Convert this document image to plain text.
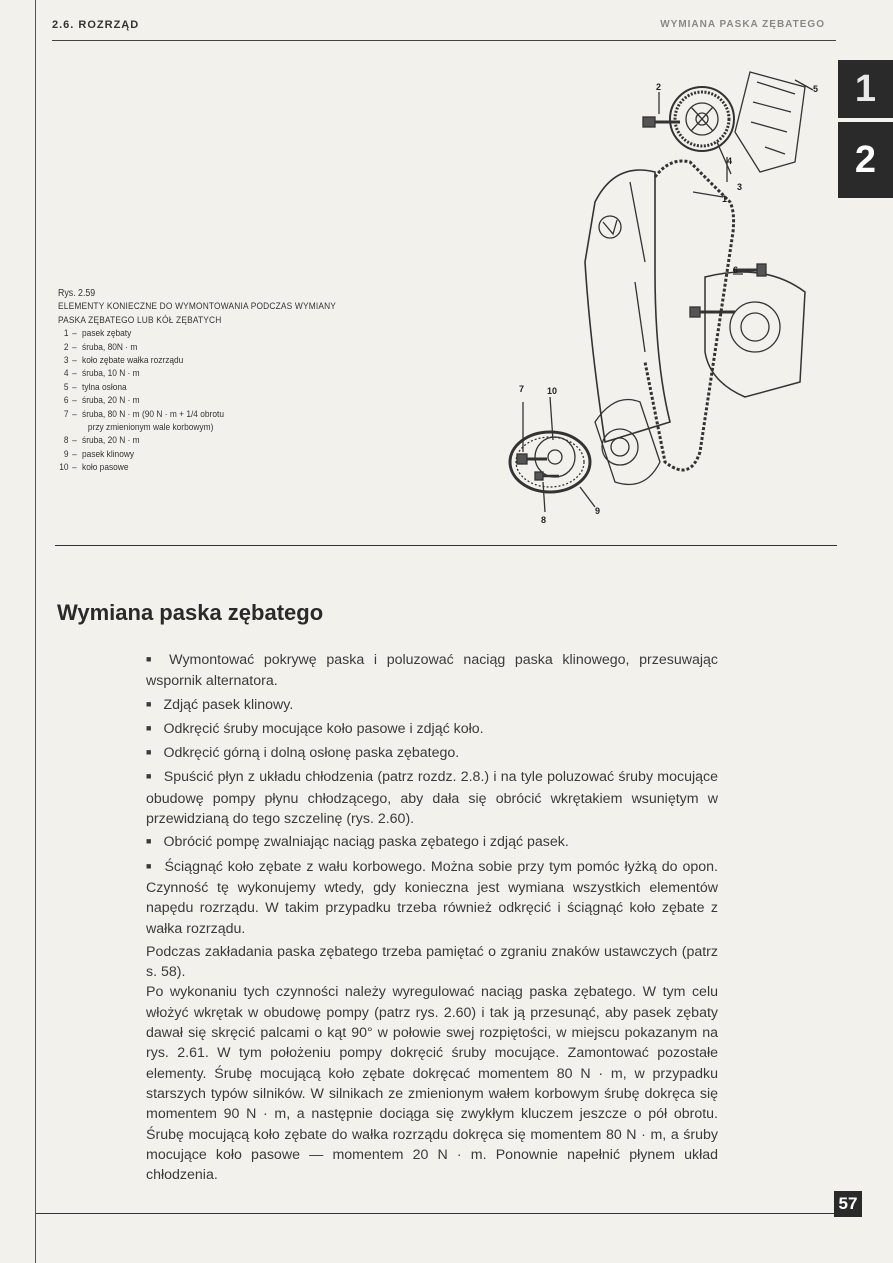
2.6. ROZRZĄD	WYMIANA PASKA ZĘBATEGO
1
2
Rys. 2.59
ELEMENTY KONIECZNE DO WYMONTOWANIA PODCZAS WYMIANY
PASKA ZĘBATEGO LUB KÓŁ ZĘBATYCH
1 – pasek zębaty
2 – śruba, 80N · m
3 – koło zębate wałka rozrządu
4 – śruba, 10 N · m
5 – tylna osłona
6 – śruba, 20 N · m
7 – śruba, 80 N · m (90 N · m + 1/4 obrotu
przy zmienionym wale korbowym)
8 – śruba, 20 N · m
9 – pasek klinowy
10 – koło pasowe
1
2
3
4
5
6
7
8
9
10
Wymiana paska zębatego

■ Wymontować pokrywę paska i poluzować naciąg paska klinowego, przesuwając wspornik alternatora.

■ Zdjąć pasek klinowy.

■ Odkręcić śruby mocujące koło pasowe i zdjąć koło.

■ Odkręcić górną i dolną osłonę paska zębatego.

■ Spuścić płyn z układu chłodzenia (patrz rozdz. 2.8.) i na tyle poluzować śruby mocujące obudowę pompy płynu chłodzącego, aby dała się obrócić wkrętakiem wsuniętym w przewidzianą do tego szczelinę (rys. 2.60).

■ Obrócić pompę zwalniając naciąg paska zębatego i zdjąć pasek.

■ Ściągnąć koło zębate z wału korbowego. Można sobie przy tym pomóc łyżką do opon. Czynność tę wykonujemy wtedy, gdy konieczna jest wymiana wszystkich elementów napędu rozrządu. W takim przypadku trzeba również odkręcić i ściągnąć koło zębate z wałka rozrządu.

Podczas zakładania paska zębatego trzeba pamiętać o zgraniu znaków ustawczych (patrz s. 58).

Po wykonaniu tych czynności należy wyregulować naciąg paska zębatego. W tym celu włożyć wkrętak w obudowę pompy (patrz rys. 2.60) i tak ją przesunąć, aby pasek zębaty dawał się skręcić palcami o kąt 90° w połowie swej rozpiętości, w miejscu pokazanym na rys. 2.61. W tym położeniu pompy dokręcić śruby mocujące. Zamontować pozostałe elementy. Śrubę mocującą koło zębate dokręcać momentem 80 N · m, w przypadku starszych typów silników. W silnikach ze zmienionym wałem korbowym śrubę dokręca się momentem 90 N · m, a następnie dociąga się zwykłym kluczem jeszcze o pół obrotu. Śrubę mocującą koło zębate do wałka rozrządu dokręca się momentem 80 N · m, a śruby mocujące koło pasowe — momentem 20 N · m. Ponownie napełnić płynem układ chłodzenia.

57
